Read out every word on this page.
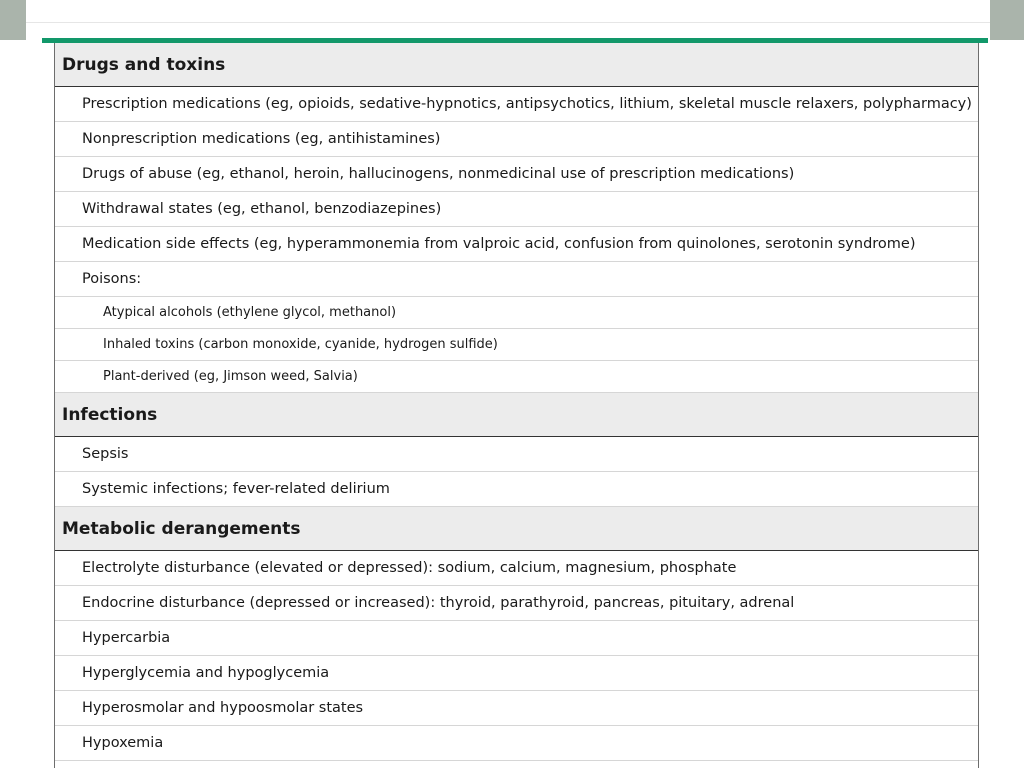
Drugs and toxins
Prescription medications (eg, opioids, sedative-hypnotics, antipsychotics, lithium, skeletal muscle relaxers, polypharmacy)
Nonprescription medications (eg, antihistamines)
Drugs of abuse (eg, ethanol, heroin, hallucinogens, nonmedicinal use of prescription medications)
Withdrawal states (eg, ethanol, benzodiazepines)
Medication side effects (eg, hyperammonemia from valproic acid, confusion from quinolones, serotonin syndrome)
Poisons:
Atypical alcohols (ethylene glycol, methanol)
Inhaled toxins (carbon monoxide, cyanide, hydrogen sulfide)
Plant-derived (eg, Jimson weed, Salvia)
Infections
Sepsis
Systemic infections; fever-related delirium
Metabolic derangements
Electrolyte disturbance (elevated or depressed): sodium, calcium, magnesium, phosphate
Endocrine disturbance (depressed or increased): thyroid, parathyroid, pancreas, pituitary, adrenal
Hypercarbia
Hyperglycemia and hypoglycemia
Hyperosmolar and hypoosmolar states
Hypoxemia
